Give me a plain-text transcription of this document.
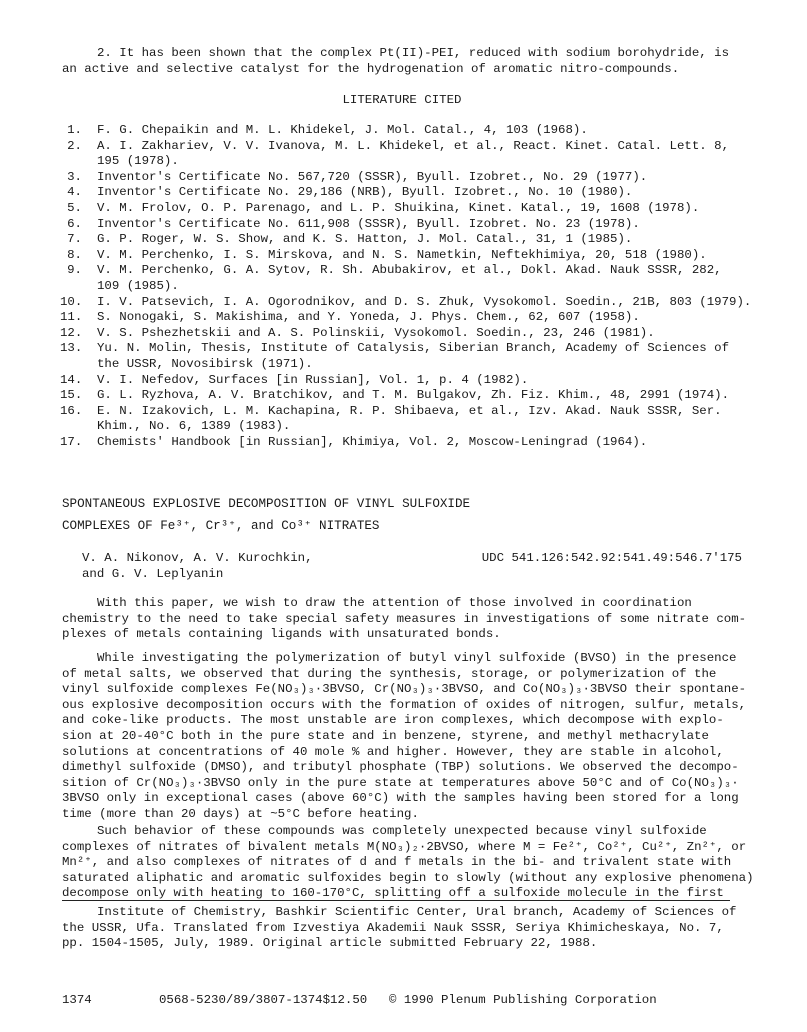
2. It has been shown that the complex Pt(II)-PEI, reduced with sodium borohydride, is

an active and selective catalyst for the hydrogenation of aromatic nitro-compounds.

LITERATURE CITED
1. F. G. Chepaikin and M. L. Khidekel, J. Mol. Catal., 4, 103 (1968).

2. A. I. Zakhariev, V. V. Ivanova, M. L. Khidekel, et al., React. Kinet. Catal. Lett. 8,

195 (1978).

3. Inventor's Certificate No. 567,720 (SSSR), Byull. Izobret., No. 29 (1977).

4. Inventor's Certificate No. 29,186 (NRB), Byull. Izobret., No. 10 (1980).

5. V. M. Frolov, O. P. Parenago, and L. P. Shuikina, Kinet. Katal., 19, 1608 (1978).

6. Inventor's Certificate No. 611,908 (SSSR), Byull. Izobret. No. 23 (1978).

7. G. P. Roger, W. S. Show, and K. S. Hatton, J. Mol. Catal., 31, 1 (1985).

8. V. M. Perchenko, I. S. Mirskova, and N. S. Nametkin, Neftekhimiya, 20, 518 (1980).

9. V. M. Perchenko, G. A. Sytov, R. Sh. Abubakirov, et al., Dokl. Akad. Nauk SSSR, 282,

109 (1985).

10. I. V. Patsevich, I. A. Ogorodnikov, and D. S. Zhuk, Vysokomol. Soedin., 21B, 803 (1979).

11. S. Nonogaki, S. Makishima, and Y. Yoneda, J. Phys. Chem., 62, 607 (1958).

12. V. S. Pshezhetskii and A. S. Polinskii, Vysokomol. Soedin., 23, 246 (1981).

13. Yu. N. Molin, Thesis, Institute of Catalysis, Siberian Branch, Academy of Sciences of

the USSR, Novosibirsk (1971).

14. V. I. Nefedov, Surfaces [in Russian], Vol. 1, p. 4 (1982).

15. G. L. Ryzhova, A. V. Bratchikov, and T. M. Bulgakov, Zh. Fiz. Khim., 48, 2991 (1974).

16. E. N. Izakovich, L. M. Kachapina, R. P. Shibaeva, et al., Izv. Akad. Nauk SSSR, Ser.

Khim., No. 6, 1389 (1983).

17. Chemists' Handbook [in Russian], Khimiya, Vol. 2, Moscow-Leningrad (1964).

SPONTANEOUS EXPLOSIVE DECOMPOSITION OF VINYL SULFOXIDE

COMPLEXES OF Fe³⁺, Cr³⁺, and Co³⁺ NITRATES

V. A. Nikonov, A. V. Kurochkin,	UDC 541.126:542.92:541.49:546.7'175

and G. V. Leplyanin

With this paper, we wish to draw the attention of those involved in coordination

chemistry to the need to take special safety measures in investigations of some nitrate com-

plexes of metals containing ligands with unsaturated bonds.

While investigating the polymerization of butyl vinyl sulfoxide (BVSO) in the presence

of metal salts, we observed that during the synthesis, storage, or polymerization of the

vinyl sulfoxide complexes Fe(NO₃)₃·3BVSO, Cr(NO₃)₃·3BVSO, and Co(NO₃)₃·3BVSO their spontane-

ous explosive decomposition occurs with the formation of oxides of nitrogen, sulfur, metals,

and coke-like products. The most unstable are iron complexes, which decompose with explo-

sion at 20-40°C both in the pure state and in benzene, styrene, and methyl methacrylate

solutions at concentrations of 40 mole % and higher. However, they are stable in alcohol,

dimethyl sulfoxide (DMSO), and tributyl phosphate (TBP) solutions. We observed the decompo-

sition of Cr(NO₃)₃·3BVSO only in the pure state at temperatures above 50°C and of Co(NO₃)₃·

3BVSO only in exceptional cases (above 60°C) with the samples having been stored for a long

time (more than 20 days) at ~5°C before heating.

Such behavior of these compounds was completely unexpected because vinyl sulfoxide

complexes of nitrates of bivalent metals M(NO₃)₂·2BVSO, where M = Fe²⁺, Co²⁺, Cu²⁺, Zn²⁺, or

Mn²⁺, and also complexes of nitrates of d and f metals in the bi- and trivalent state with

saturated aliphatic and aromatic sulfoxides begin to slowly (without any explosive phenomena)

decompose only with heating to 160-170°C, splitting off a sulfoxide molecule in the first

Institute of Chemistry, Bashkir Scientific Center, Ural branch, Academy of Sciences of

the USSR, Ufa. Translated from Izvestiya Akademii Nauk SSSR, Seriya Khimicheskaya, No. 7,

pp. 1504-1505, July, 1989. Original article submitted February 22, 1988.

1374	0568-5230/89/3807-1374$12.50 © 1990 Plenum Publishing Corporation
